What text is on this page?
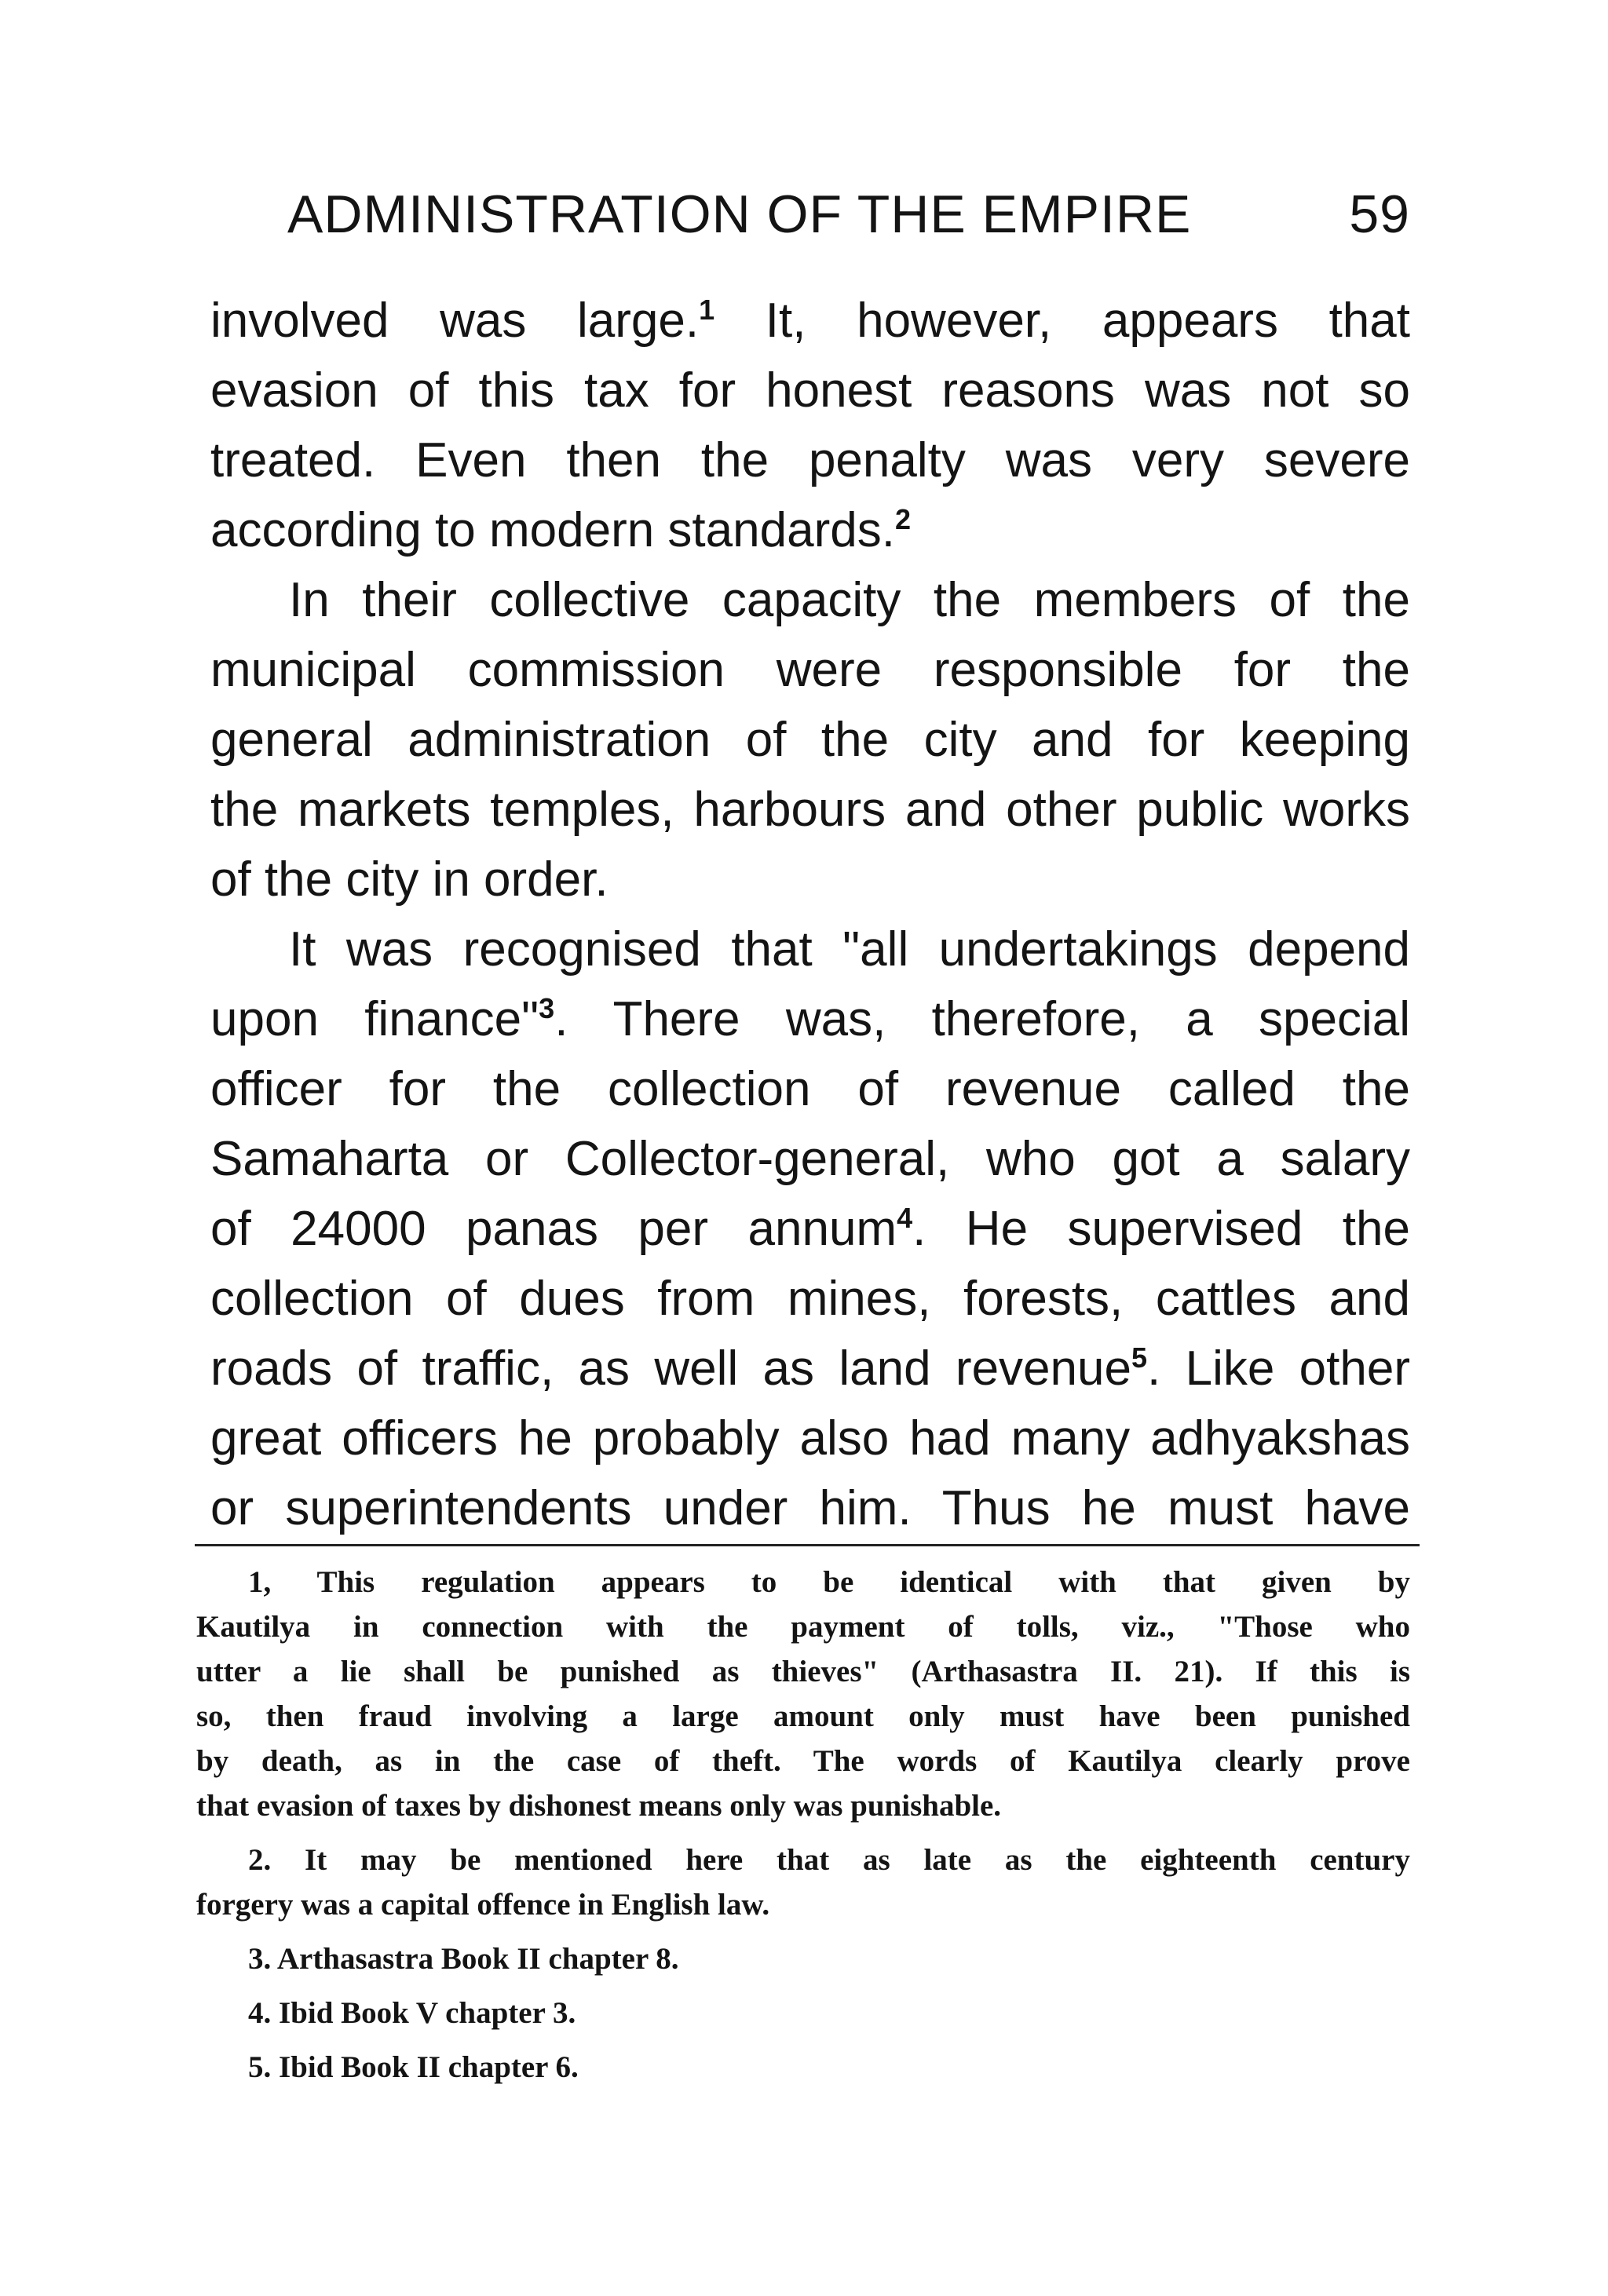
ADMINISTRATION OF THE EMPIRE	59
involved was large.$^1$ It, however, appears that
evasion of this tax for honest reasons was not so
treated. Even then the penalty was very severe
according to modern standards.$^2$
In their collective capacity the members of the
municipal commission were responsible for the
general administration of the city and for keeping
the markets temples, harbours and other public works
of the city in order.
It was recognised that "all undertakings depend
upon finance"$^3$. There was, therefore, a special
officer for the collection of revenue called the
Samaharta or Collector-general, who got a salary
of 24000 panas per annum$^4$. He supervised the
collection of dues from mines, forests, cattles and
roads of traffic, as well as land revenue$^5$. Like other
great officers he probably also had many adhyakshas
or superintendents under him. Thus he must have
1, This regulation appears to be identical with that given by
Kautilya in connection with the payment of tolls, viz., "Those who
utter a lie shall be punished as thieves" (Arthasastra II. 21). If this is
so, then fraud involving a large amount only must have been punished
by death, as in the case of theft. The words of Kautilya clearly prove
that evasion of taxes by dishonest means only was punishable.
2. It may be mentioned here that as late as the eighteenth century
forgery was a capital offence in English law.
3. Arthasastra Book II chapter 8.
4. Ibid Book V chapter 3.
5. Ibid Book II chapter 6.
